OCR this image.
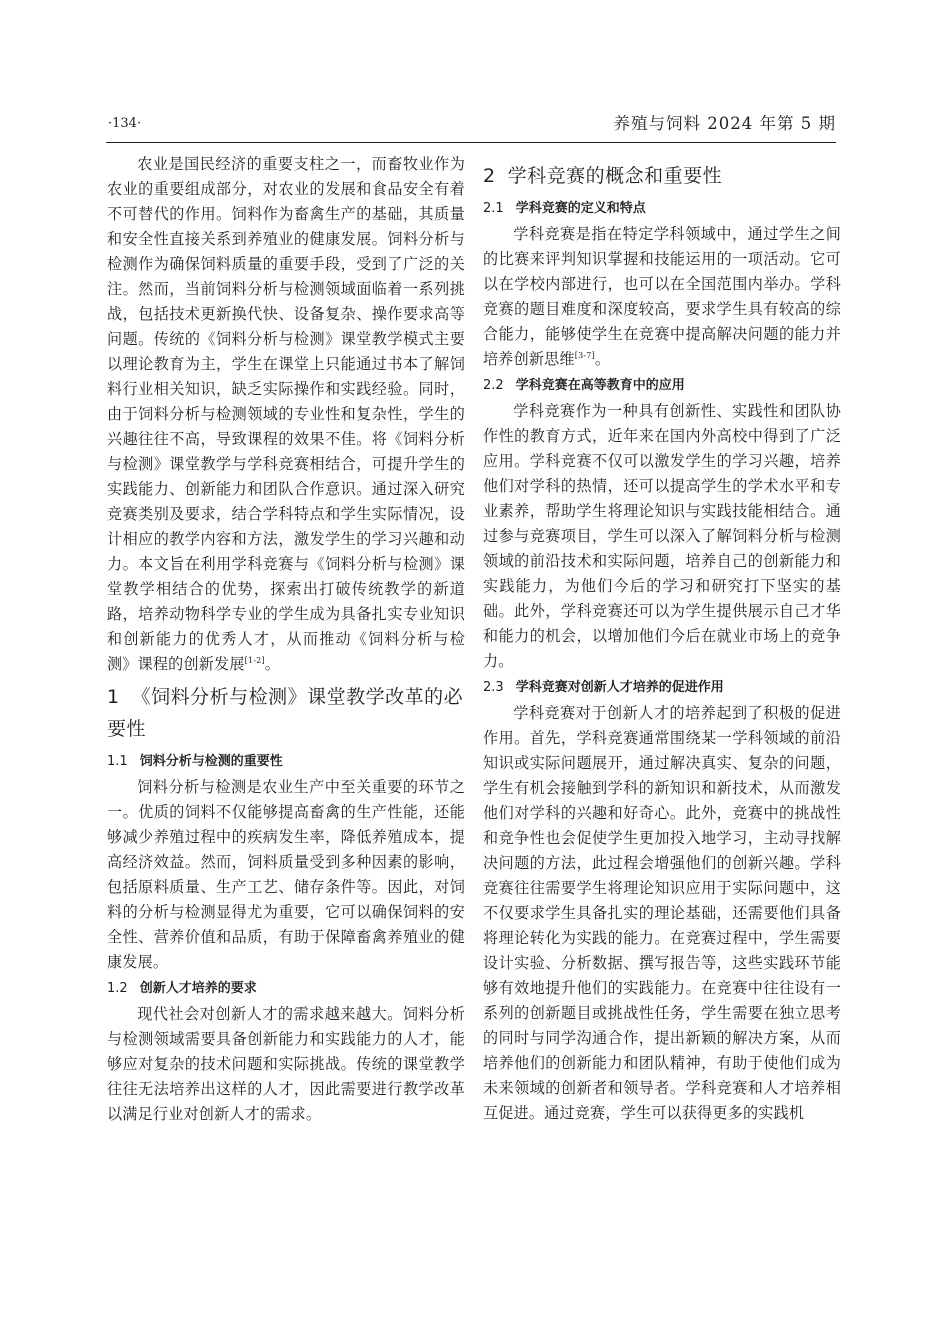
·134·	养殖与饲料 2024 年第 5 期

农业是国民经济的重要支柱之一，而畜牧业作为农业的重要组成部分，对农业的发展和食品安全有着不可替代的作用。饲料作为畜禽生产的基础，其质量和安全性直接关系到养殖业的健康发展。饲料分析与检测作为确保饲料质量的重要手段，受到了广泛的关注。然而，当前饲料分析与检测领域面临着一系列挑战，包括技术更新换代快、设备复杂、操作要求高等问题。传统的《饲料分析与检测》课堂教学模式主要以理论教育为主，学生在课堂上只能通过书本了解饲料行业相关知识，缺乏实际操作和实践经验。同时，由于饲料分析与检测领域的专业性和复杂性，学生的兴趣往往不高，导致课程的效果不佳。将《饲料分析与检测》课堂教学与学科竞赛相结合，可提升学生的实践能力、创新能力和团队合作意识。通过深入研究竞赛类别及要求，结合学科特点和学生实际情况，设计相应的教学内容和方法，激发学生的学习兴趣和动力。本文旨在利用学科竞赛与《饲料分析与检测》课堂教学相结合的优势，探索出打破传统教学的新道路，培养动物科学专业的学生成为具备扎实专业知识和创新能力的优秀人才，从而推动《饲料分析与检测》课程的创新发展[1-2]。

1 《饲料分析与检测》课堂教学改革的必要性
1.1 饲料分析与检测的重要性

饲料分析与检测是农业生产中至关重要的环节之一。优质的饲料不仅能够提高畜禽的生产性能，还能够减少养殖过程中的疾病发生率，降低养殖成本，提高经济效益。然而，饲料质量受到多种因素的影响，包括原料质量、生产工艺、储存条件等。因此，对饲料的分析与检测显得尤为重要，它可以确保饲料的安全性、营养价值和品质，有助于保障畜禽养殖业的健康发展。

1.2 创新人才培养的要求

现代社会对创新人才的需求越来越大。饲料分析与检测领域需要具备创新能力和实践能力的人才，能够应对复杂的技术问题和实际挑战。传统的课堂教学往往无法培养出这样的人才，因此需要进行教学改革以满足行业对创新人才的需求。

2 学科竞赛的概念和重要性
2.1 学科竞赛的定义和特点

学科竞赛是指在特定学科领域中，通过学生之间的比赛来评判知识掌握和技能运用的一项活动。它可以在学校内部进行，也可以在全国范围内举办。学科竞赛的题目难度和深度较高，要求学生具有较高的综合能力，能够使学生在竞赛中提高解决问题的能力并培养创新思维[3-7]。

2.2 学科竞赛在高等教育中的应用

学科竞赛作为一种具有创新性、实践性和团队协作性的教育方式，近年来在国内外高校中得到了广泛应用。学科竞赛不仅可以激发学生的学习兴趣，培养他们对学科的热情，还可以提高学生的学术水平和专业素养，帮助学生将理论知识与实践技能相结合。通过参与竞赛项目，学生可以深入了解饲料分析与检测领域的前沿技术和实际问题，培养自己的创新能力和实践能力，为他们今后的学习和研究打下坚实的基础。此外，学科竞赛还可以为学生提供展示自己才华和能力的机会，以增加他们今后在就业市场上的竞争力。

2.3 学科竞赛对创新人才培养的促进作用

学科竞赛对于创新人才的培养起到了积极的促进作用。首先，学科竞赛通常围绕某一学科领域的前沿知识或实际问题展开，通过解决真实、复杂的问题，学生有机会接触到学科的新知识和新技术，从而激发他们对学科的兴趣和好奇心。此外，竞赛中的挑战性和竞争性也会促使学生更加投入地学习，主动寻找解决问题的方法，此过程会增强他们的创新兴趣。学科竞赛往往需要学生将理论知识应用于实际问题中，这不仅要求学生具备扎实的理论基础，还需要他们具备将理论转化为实践的能力。在竞赛过程中，学生需要设计实验、分析数据、撰写报告等，这些实践环节能够有效地提升他们的实践能力。在竞赛中往往设有一系列的创新题目或挑战性任务，学生需要在独立思考的同时与同学沟通合作，提出新颖的解决方案，从而培养他们的创新能力和团队精神，有助于使他们成为未来领域的创新者和领导者。学科竞赛和人才培养相互促进。通过竞赛，学生可以获得更多的实践机
